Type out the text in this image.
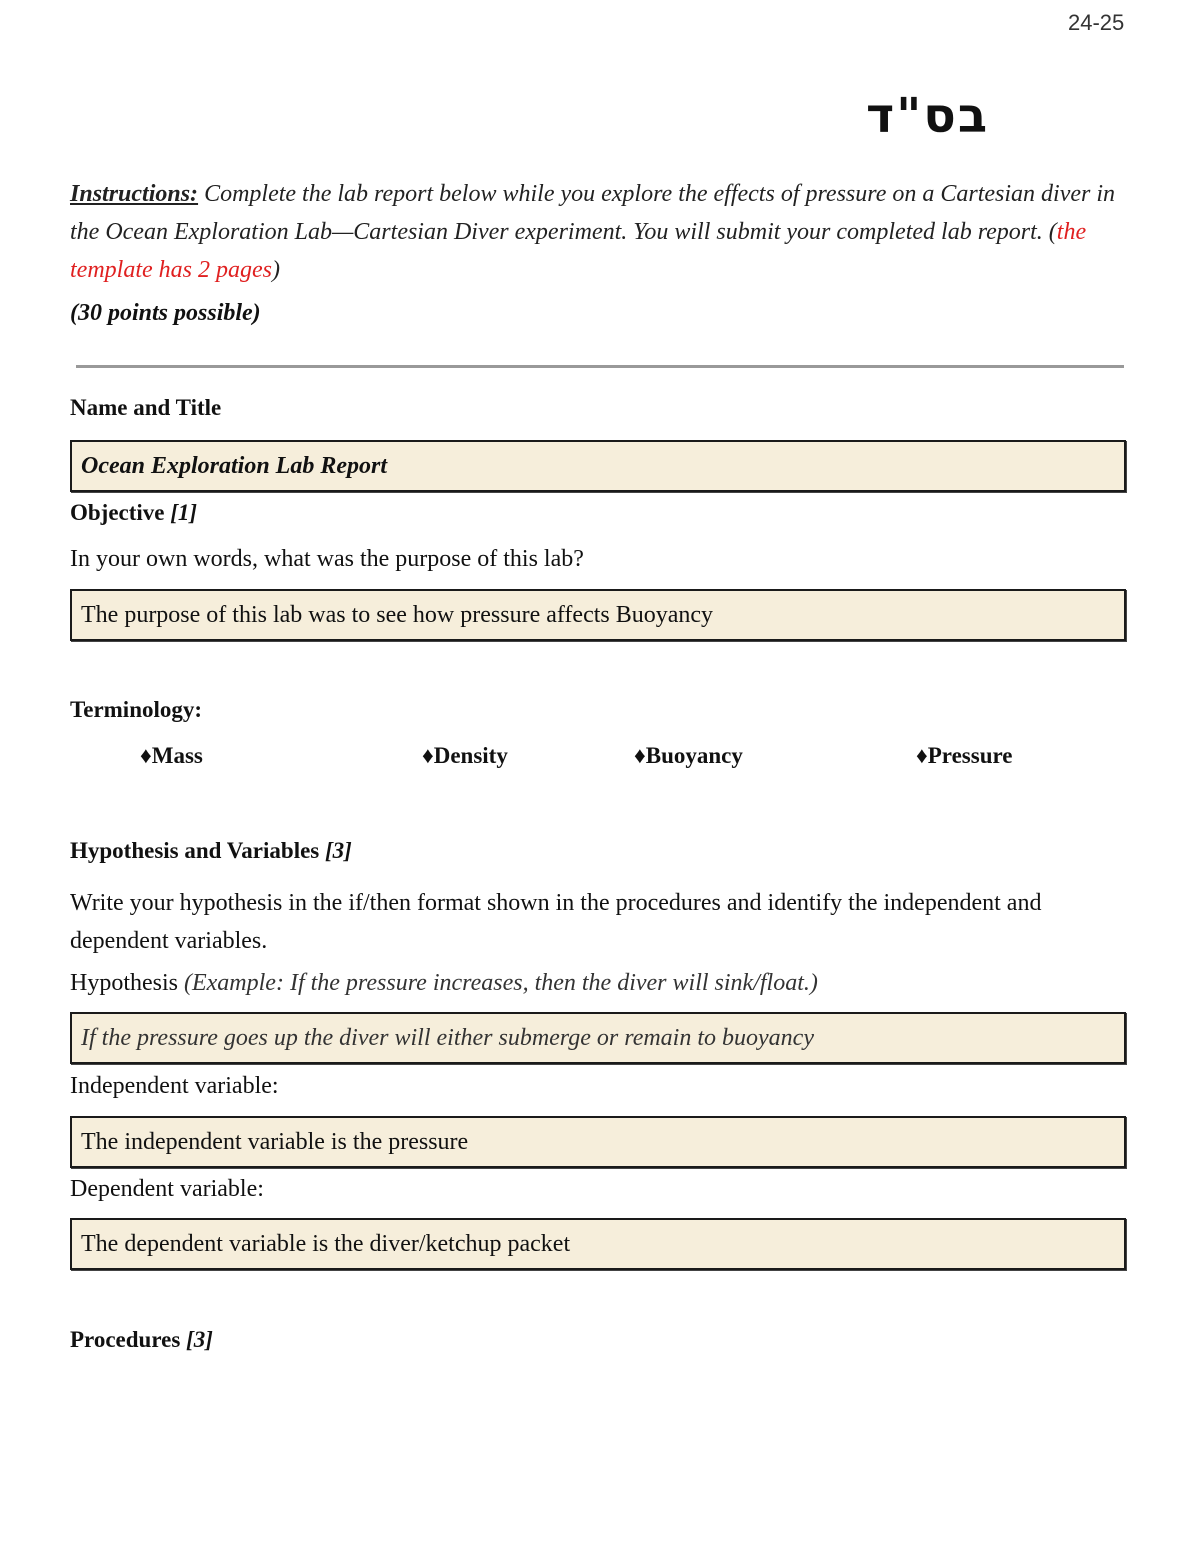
24-25
בס"ד
Instructions: Complete the lab report below while you explore the effects of pressure on a Cartesian diver in the Ocean Exploration Lab—Cartesian Diver experiment. You will submit your completed lab report. (the template has 2 pages)
(30 points possible)
Name and Title
Ocean Exploration Lab Report
Objective [1]
In your own words, what was the purpose of this lab?
The purpose of this lab was to see how pressure affects Buoyancy
Terminology:
♦Mass	♦Density	♦Buoyancy	♦Pressure
Hypothesis and Variables [3]
Write your hypothesis in the if/then format shown in the procedures and identify the independent and dependent variables.
Hypothesis (Example: If the pressure increases, then the diver will sink/float.)
If the pressure goes up the diver will either submerge or remain to buoyancy
Independent variable:
The independent variable is the pressure
Dependent variable:
The dependent variable is the diver/ketchup packet
Procedures [3]
